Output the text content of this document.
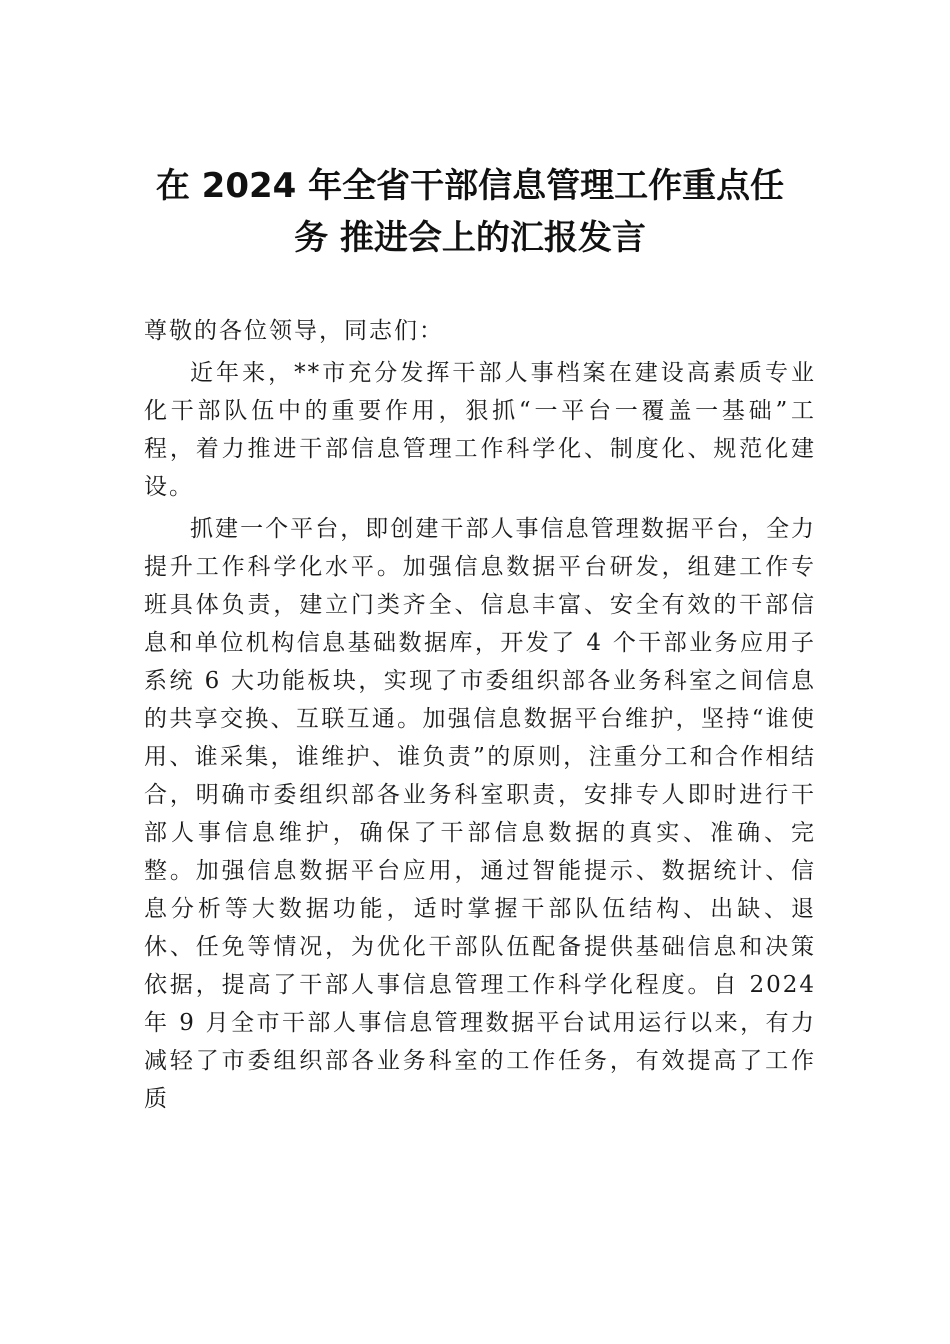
在 2024 年全省干部信息管理工作重点任
务 推进会上的汇报发言

尊敬的各位领导，同志们：

近年来，**市充分发挥干部人事档案在建设高素质专业化干部队伍中的重要作用，狠抓“一平台一覆盖一基础”工程，着力推进干部信息管理工作科学化、制度化、规范化建设。

抓建一个平台，即创建干部人事信息管理数据平台，全力提升工作科学化水平。加强信息数据平台研发，组建工作专班具体负责，建立门类齐全、信息丰富、安全有效的干部信息和单位机构信息基础数据库，开发了 4 个干部业务应用子系统 6 大功能板块，实现了市委组织部各业务科室之间信息的共享交换、互联互通。加强信息数据平台维护，坚持“谁使用、谁采集，谁维护、谁负责”的原则，注重分工和合作相结合，明确市委组织部各业务科室职责，安排专人即时进行干部人事信息维护，确保了干部信息数据的真实、准确、完整。加强信息数据平台应用，通过智能提示、数据统计、信息分析等大数据功能，适时掌握干部队伍结构、出缺、退休、任免等情况，为优化干部队伍配备提供基础信息和决策依据，提高了干部人事信息管理工作科学化程度。自 2024 年 9 月全市干部人事信息管理数据平台试用运行以来，有力减轻了市委组织部各业务科室的工作任务，有效提高了工作质
